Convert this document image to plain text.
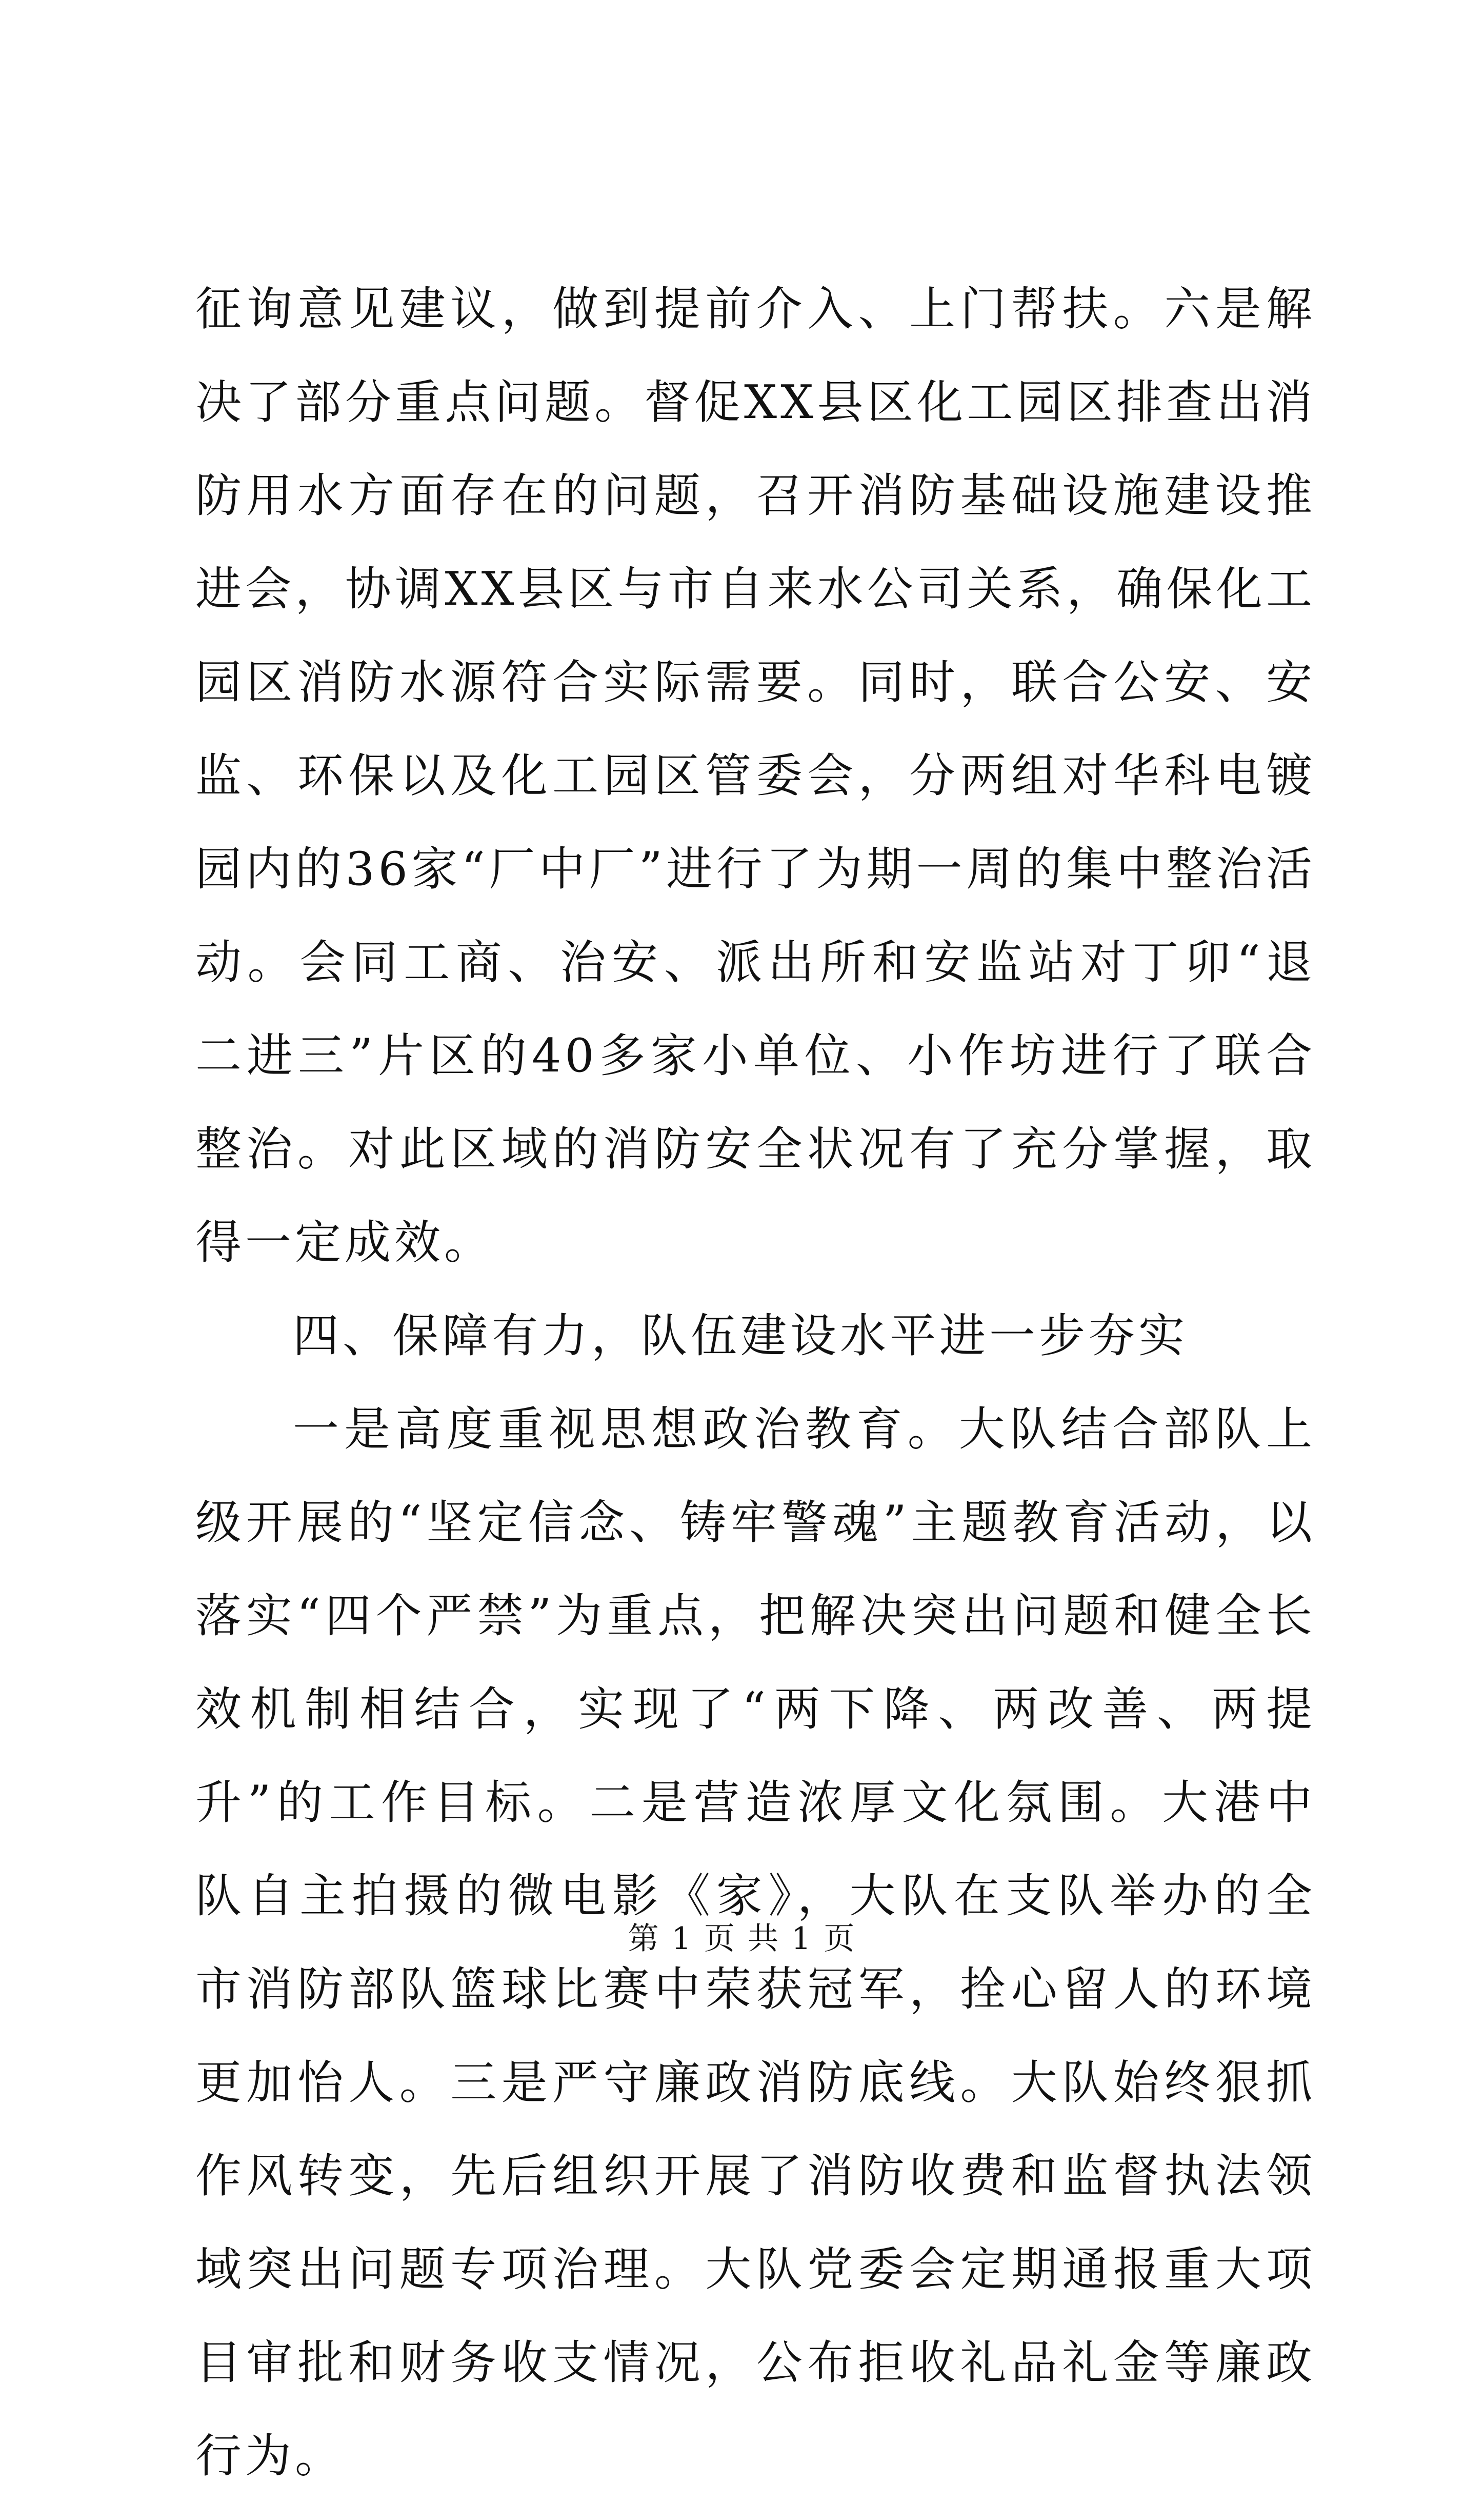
征询意见建议，做到提前介入、上门帮扶。六是解决了部分重点问题。督促XX县区化工园区排查出消防用水方面存在的问题，召开消防基础设施建设推进会，协调XX县区与市自来水公司关系，确保化工园区消防水源符合实际需要。同时，联合公安、安监、环保以及化工园区管委会，分两组对华科电镀园内的36家“厂中厂”进行了为期一周的集中整治活动。会同工商、治安、派出所和安监站对丁卯“退二进三”片区的40多家小单位、小作坊进行了联合整治。对此区域的消防安全状况有了充分掌握，取得一定成效。

四、保障有力，队伍建设水平进一步夯实

一是高度重视思想政治教育。大队结合部队上级开展的“坚定信念、铸牢警魂”主题教育活动，以落实“四个严禁”为重点，把解决突出问题和健全长效机制相结合，实现了“两下降、两改善、两提升”的工作目标。二是营造浓厚文化氛围。大港中队自主拍摄的微电影《家》，大队在支队举办的全市消防部队篮球比赛中荣获冠军，拴心留人的环境更加怡人。三是严守廉政消防底线。大队始终狠抓作风转变，先后组织开展了消防收费和监督执法领域突出问题专项治理。大队党委会定期通报重大项目审批和财务收支情况，公布拒收礼品礼金等廉政行为。

第 1 页 共 1 页
